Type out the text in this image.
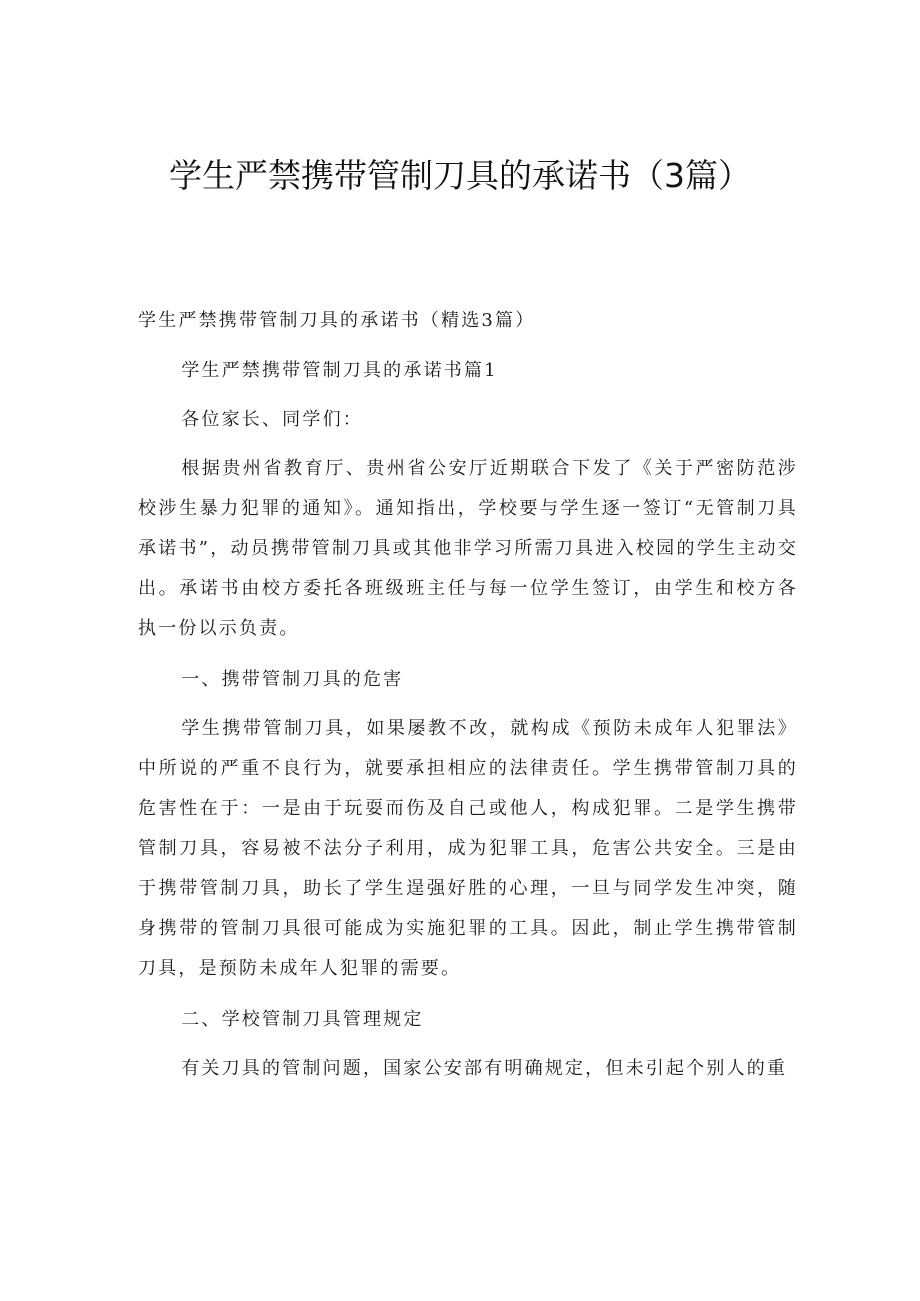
学生严禁携带管制刀具的承诺书（3篇）

学生严禁携带管制刀具的承诺书（精选3篇）

学生严禁携带管制刀具的承诺书篇1

各位家长、同学们：

根据贵州省教育厅、贵州省公安厅近期联合下发了《关于严密防范涉校涉生暴力犯罪的通知》。通知指出，学校要与学生逐一签订“无管制刀具承诺书”，动员携带管制刀具或其他非学习所需刀具进入校园的学生主动交出。承诺书由校方委托各班级班主任与每一位学生签订，由学生和校方各执一份以示负责。

一、携带管制刀具的危害

学生携带管制刀具，如果屡教不改，就构成《预防未成年人犯罪法》中所说的严重不良行为，就要承担相应的法律责任。学生携带管制刀具的危害性在于：一是由于玩耍而伤及自己或他人，构成犯罪。二是学生携带管制刀具，容易被不法分子利用，成为犯罪工具，危害公共安全。三是由于携带管制刀具，助长了学生逞强好胜的心理，一旦与同学发生冲突，随身携带的管制刀具很可能成为实施犯罪的工具。因此，制止学生携带管制刀具，是预防未成年人犯罪的需要。

二、学校管制刀具管理规定

有关刀具的管制问题，国家公安部有明确规定，但未引起个别人的重
